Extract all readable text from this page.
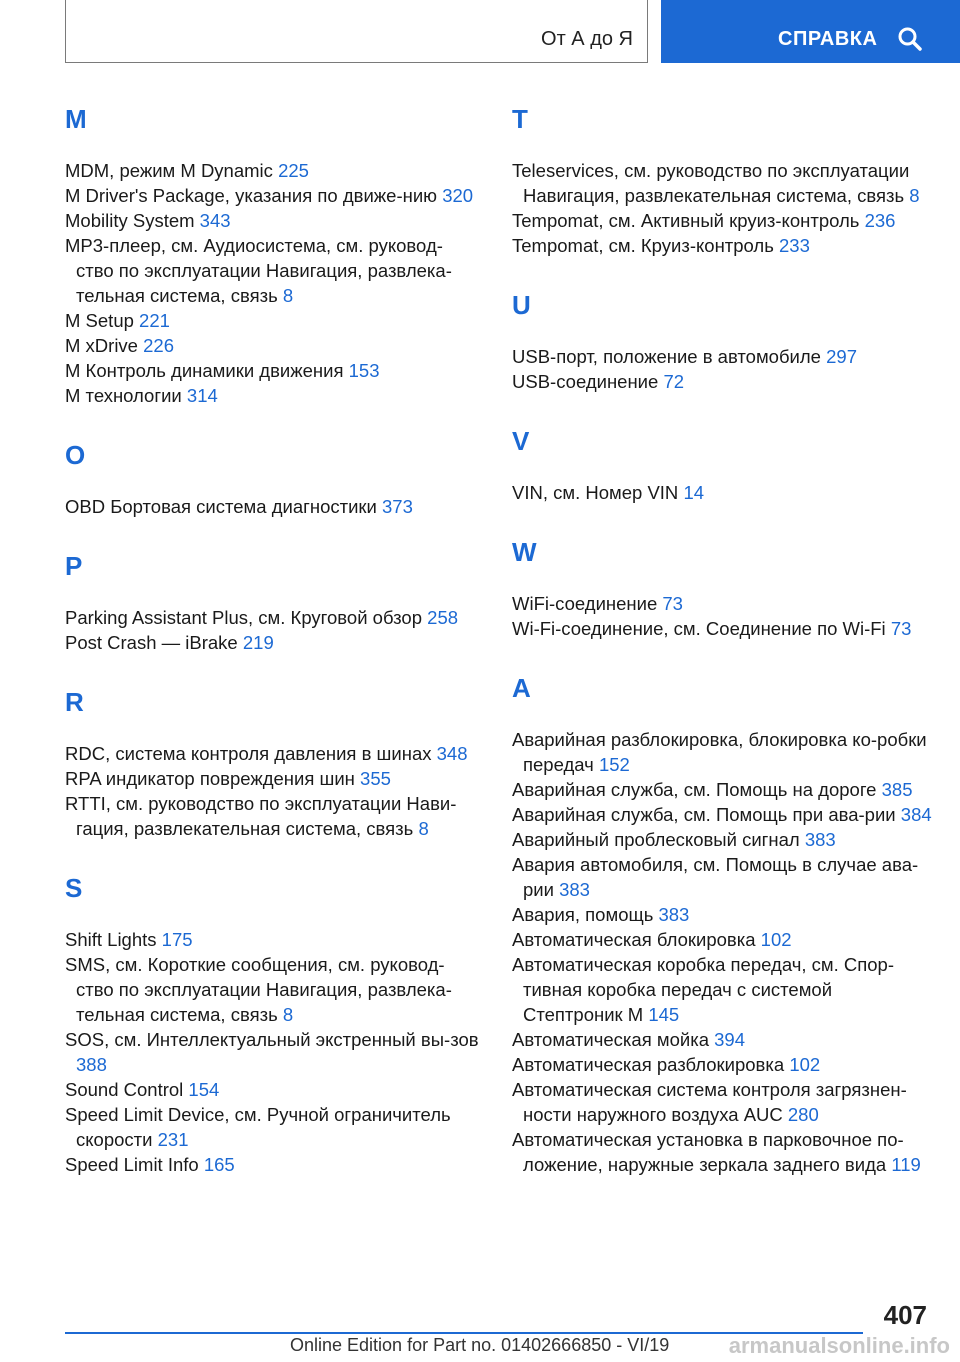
От А до Я	СПРАВКА
M
MDM, режим M Dynamic 225
M Driver's Package, указания по движе‐нию 320
Mobility System 343
MP3-плеер, см. Аудиосистема, см. руковод‐ство по эксплуатации Навигация, развлека‐тельная система, связь 8
M Setup 221
M xDrive 226
M Контроль динамики движения 153
M технологии 314
O
OBD Бортовая система диагностики 373
P
Parking Assistant Plus, см. Круговой обзор 258
Post Crash — iBrake 219
R
RDC, система контроля давления в шинах 348
RPA индикатор повреждения шин 355
RTTI, см. руководство по эксплуатации Нави‐гация, развлекательная система, связь 8
S
Shift Lights 175
SMS, см. Короткие сообщения, см. руковод‐ство по эксплуатации Навигация, развлека‐тельная система, связь 8
SOS, см. Интеллектуальный экстренный вы‐зов 388
Sound Control 154
Speed Limit Device, см. Ручной ограничитель скорости 231
Speed Limit Info 165
T
Teleservices, см. руководство по эксплуатации Навигация, развлекательная система, связь 8
Tempomat, см. Активный круиз-контроль 236
Tempomat, см. Круиз-контроль 233
U
USB-порт, положение в автомобиле 297
USB-соединение 72
V
VIN, см. Номер VIN 14
W
WiFi-соединение 73
Wi-Fi-соединение, см. Соединение по Wi-Fi 73
А
Аварийная разблокировка, блокировка ко‐робки передач 152
Аварийная служба, см. Помощь на дороге 385
Аварийная служба, см. Помощь при ава‐рии 384
Аварийный проблесковый сигнал 383
Авария автомобиля, см. Помощь в случае ава‐рии 383
Авария, помощь 383
Автоматическая блокировка 102
Автоматическая коробка передач, см. Спор‐тивная коробка передач с системой Стептроник M 145
Автоматическая мойка 394
Автоматическая разблокировка 102
Автоматическая система контроля загрязнен‐ности наружного воздуха AUC 280
Автоматическая установка в парковочное по‐ложение, наружные зеркала заднего вида 119
407
Online Edition for Part no. 01402666850 - VI/19	armanualsonline.info
